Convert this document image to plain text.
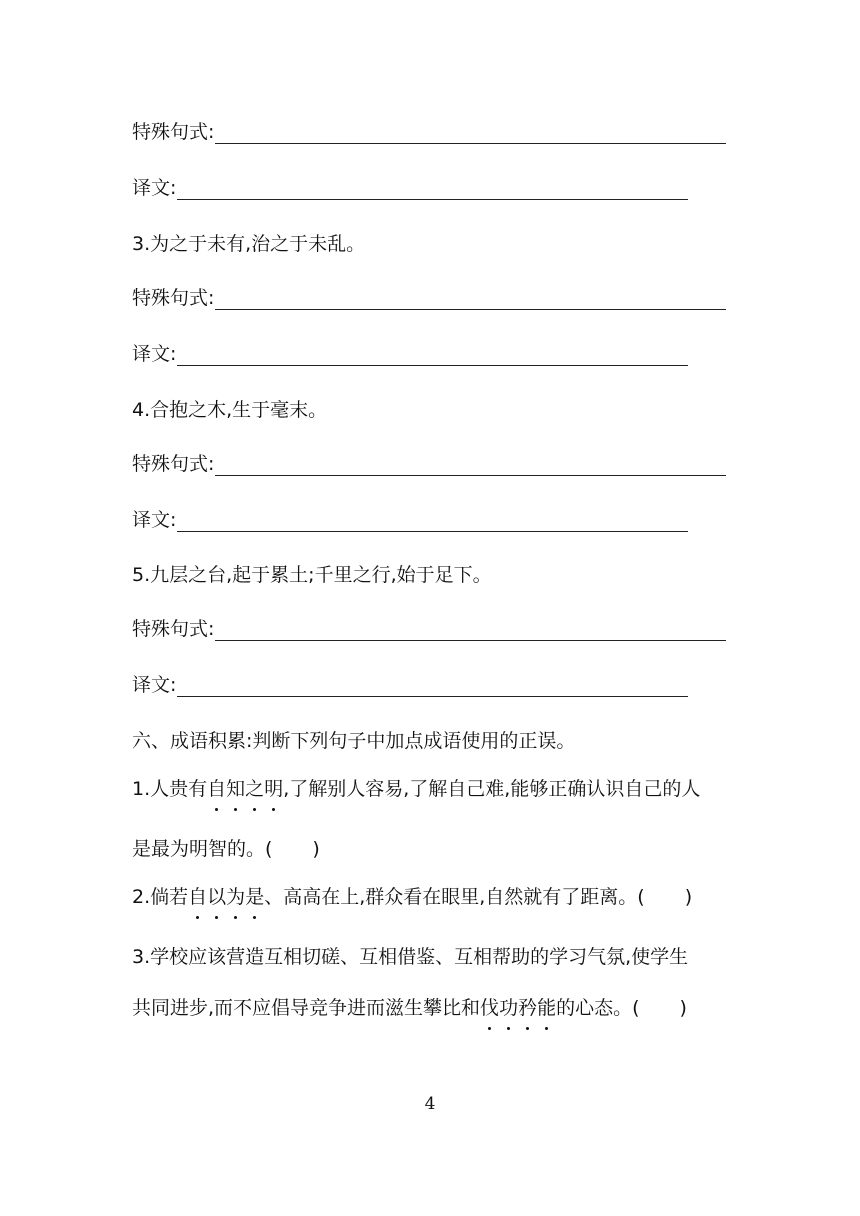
特殊句式:
译文:
3.为之于未有,治之于未乱。
特殊句式:
译文:
4.合抱之木,生于毫末。
特殊句式:
译文:
5.九层之台,起于累土;千里之行,始于足下。
特殊句式:
译文:
六、成语积累:判断下列句子中加点成语使用的正误。
1.人贵有 自 知 之 明 ,了解别人容易,了解自己难,能够正确认识自己的人
是最为明智的。( )
2.倘若 自 以 为 是 、高高在上,群众看在眼里,自然就有了距离。( )
3.学校应该营造互相切磋、互相借鉴、互相帮助的学习气氛,使学生
共同进步,而不应倡导竞争进而滋生攀比和 伐 功 矜 能 的心态。( )
4
